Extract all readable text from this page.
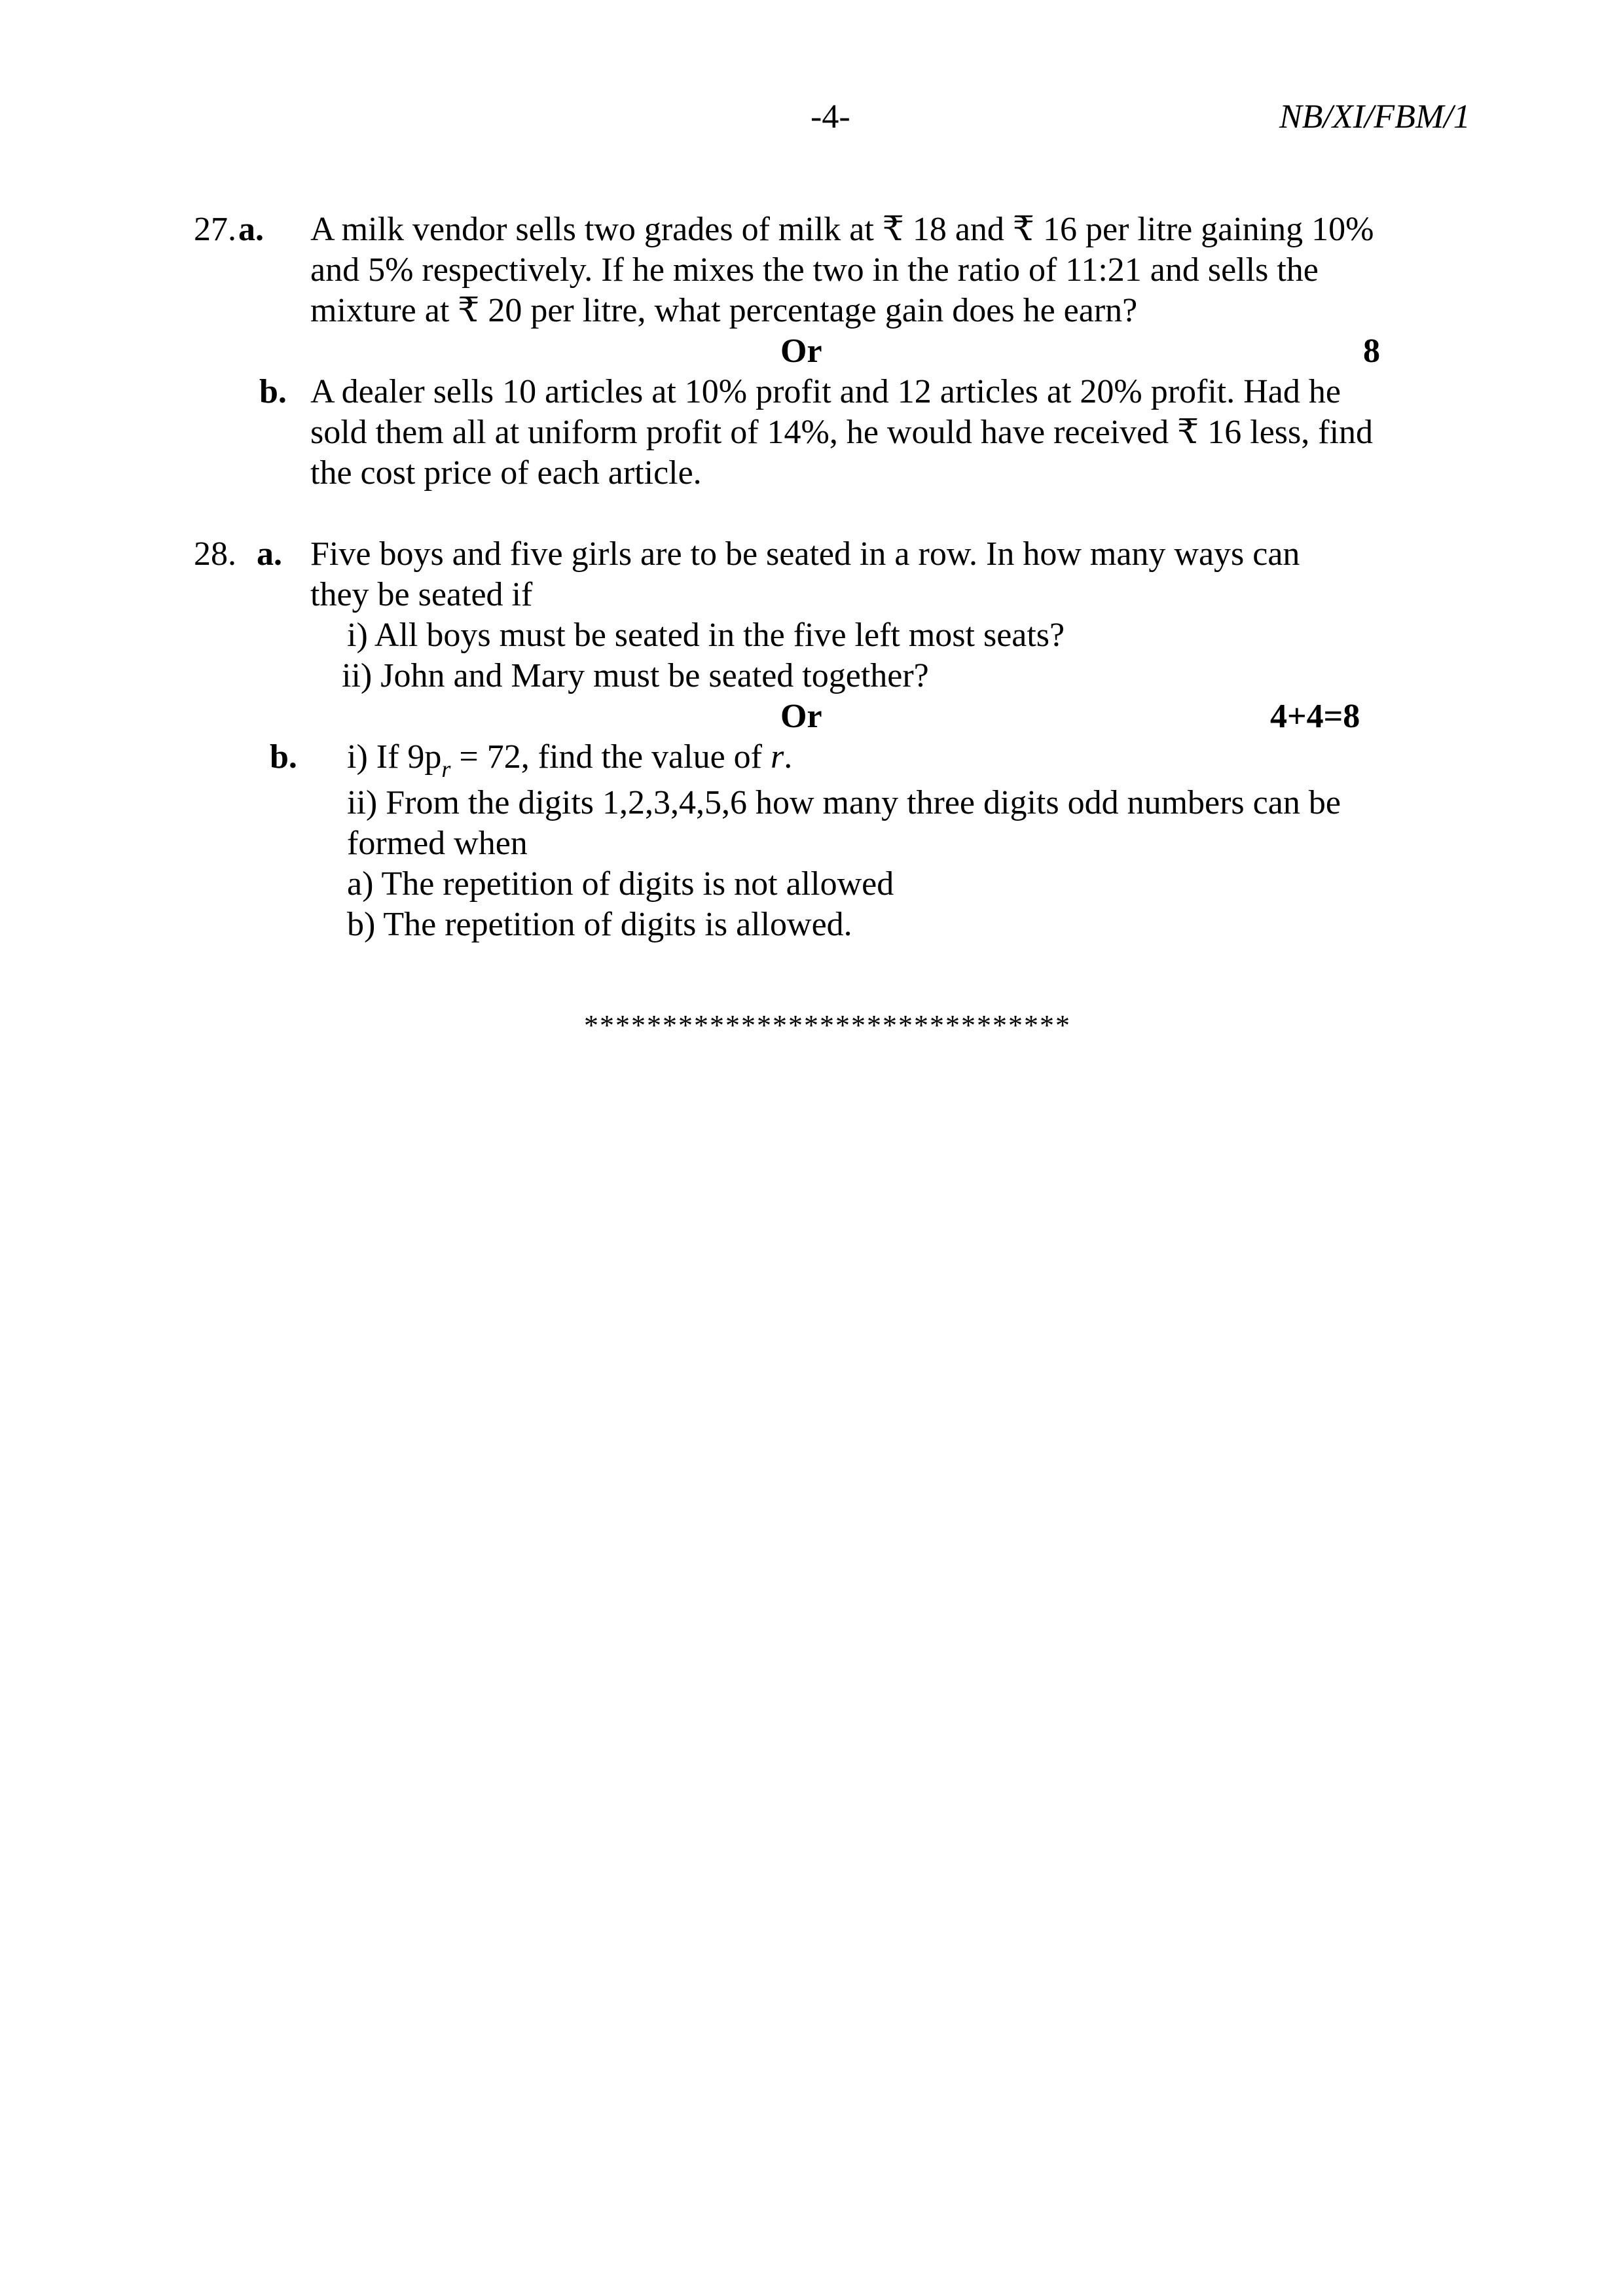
-4-	NB/XI/FBM/1
27. a. A milk vendor sells two grades of milk at ₹ 18 and ₹ 16 per litre gaining 10%
and 5% respectively. If he mixes the two in the ratio of 11:21 and sells the
mixture at ₹ 20 per litre, what percentage gain does he earn?
Or	8
b. A dealer sells 10 articles at 10% profit and 12 articles at 20% profit. Had he
sold them all at uniform profit of 14%, he would have received ₹ 16 less, find
the cost price of each article.
28. a. Five boys and five girls are to be seated in a row. In how many ways can
they be seated if
i) All boys must be seated in the five left most seats?
ii) John and Mary must be seated together?
Or	4+4=8
b. i) If $9p_r = 72$, find the value of r.
ii) From the digits 1,2,3,4,5,6 how many three digits odd numbers can be
formed when
a) The repetition of digits is not allowed
b) The repetition of digits is allowed.
*******************************
